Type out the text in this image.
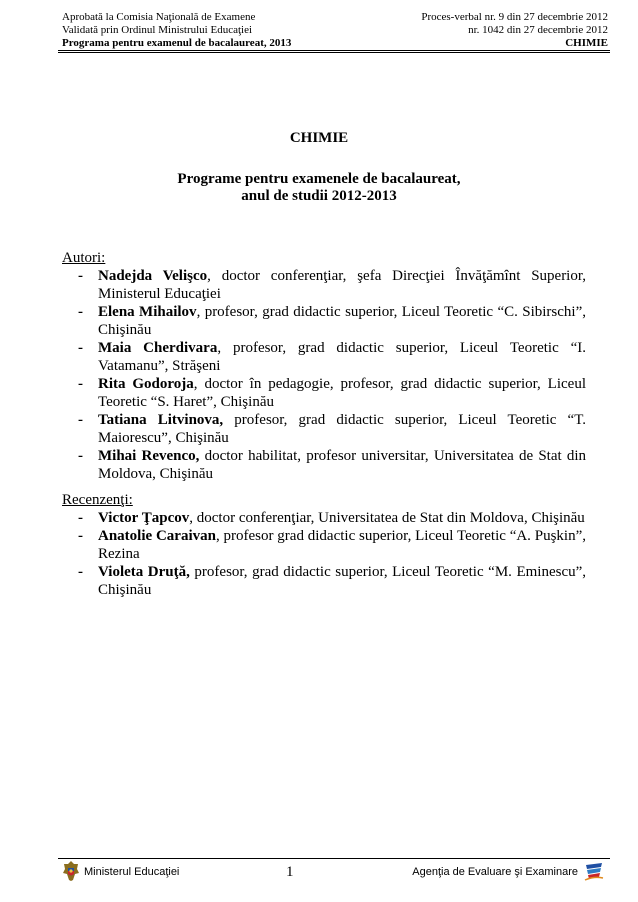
Aprobată la Comisia Naţională de Examene	Proces-verbal nr. 9 din 27 decembrie 2012
Validată prin Ordinul Ministrului Educaţiei	nr. 1042 din 27 decembrie 2012
Programa pentru examenul de bacalaureat, 2013	CHIMIE
CHIMIE
Programe pentru examenele de bacalaureat,
anul de studii 2012-2013
Autori:
- Nadejda Velişco, doctor conferenţiar, şefa Direcţiei Învăţămînt Superior, Ministerul Educaţiei
- Elena Mihailov, profesor, grad didactic superior, Liceul Teoretic “C. Sibirschi”, Chişinău
- Maia Cherdivara, profesor, grad didactic superior, Liceul Teoretic “I. Vatamanu”, Străşeni
- Rita Godoroja, doctor în pedagogie, profesor, grad didactic superior, Liceul Teoretic “S. Haret”, Chişinău
- Tatiana Litvinova, profesor, grad didactic superior, Liceul Teoretic “T. Maiorescu”, Chişinău
- Mihai Revenco, doctor habilitat, profesor universitar, Universitatea de Stat din Moldova, Chişinău
Recenzenţi:
- Victor Ţapcov, doctor conferenţiar, Universitatea de Stat din Moldova, Chişinău
- Anatolie Caraivan, profesor grad didactic superior, Liceul Teoretic “A. Puşkin”, Rezina
- Violeta Druţă, profesor, grad didactic superior, Liceul Teoretic “M. Eminescu”, Chişinău
Ministerul Educaţiei	1	Agenţia de Evaluare şi Examinare
